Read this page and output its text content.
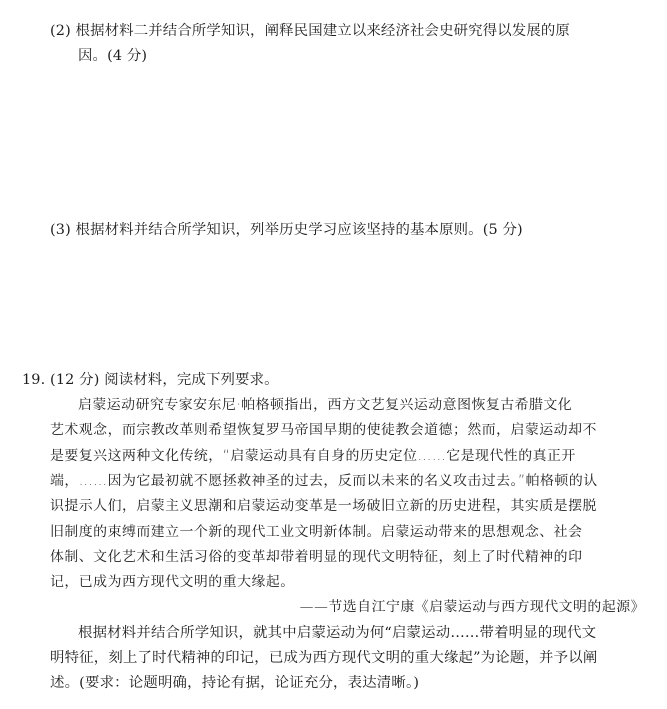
(2) 根据材料二并结合所学知识，阐释民国建立以来经济社会史研究得以发展的原
因。(4 分)
(3) 根据材料并结合所学知识，列举历史学习应该坚持的基本原则。(5 分)
19. (12 分) 阅读材料，完成下列要求。
启蒙运动研究专家安东尼·帕格顿指出，西方文艺复兴运动意图恢复古希腊文化
艺术观念，而宗教改革则希望恢复罗马帝国早期的使徒教会道德；然而，启蒙运动却不
是要复兴这两种文化传统，“启蒙运动具有自身的历史定位……它是现代性的真正开
端，……因为它最初就不愿拯救神圣的过去，反而以未来的名义攻击过去。”帕格顿的认
识提示人们，启蒙主义思潮和启蒙运动变革是一场破旧立新的历史进程，其实质是摆脱
旧制度的束缚而建立一个新的现代工业文明新体制。启蒙运动带来的思想观念、社会
体制、文化艺术和生活习俗的变革却带着明显的现代文明特征，刻上了时代精神的印
记，已成为西方现代文明的重大缘起。
——节选自江宁康《启蒙运动与西方现代文明的起源》
根据材料并结合所学知识，就其中启蒙运动为何“启蒙运动……带着明显的现代文
明特征，刻上了时代精神的印记，已成为西方现代文明的重大缘起”为论题，并予以阐
述。(要求：论题明确，持论有据，论证充分，表达清晰。)
